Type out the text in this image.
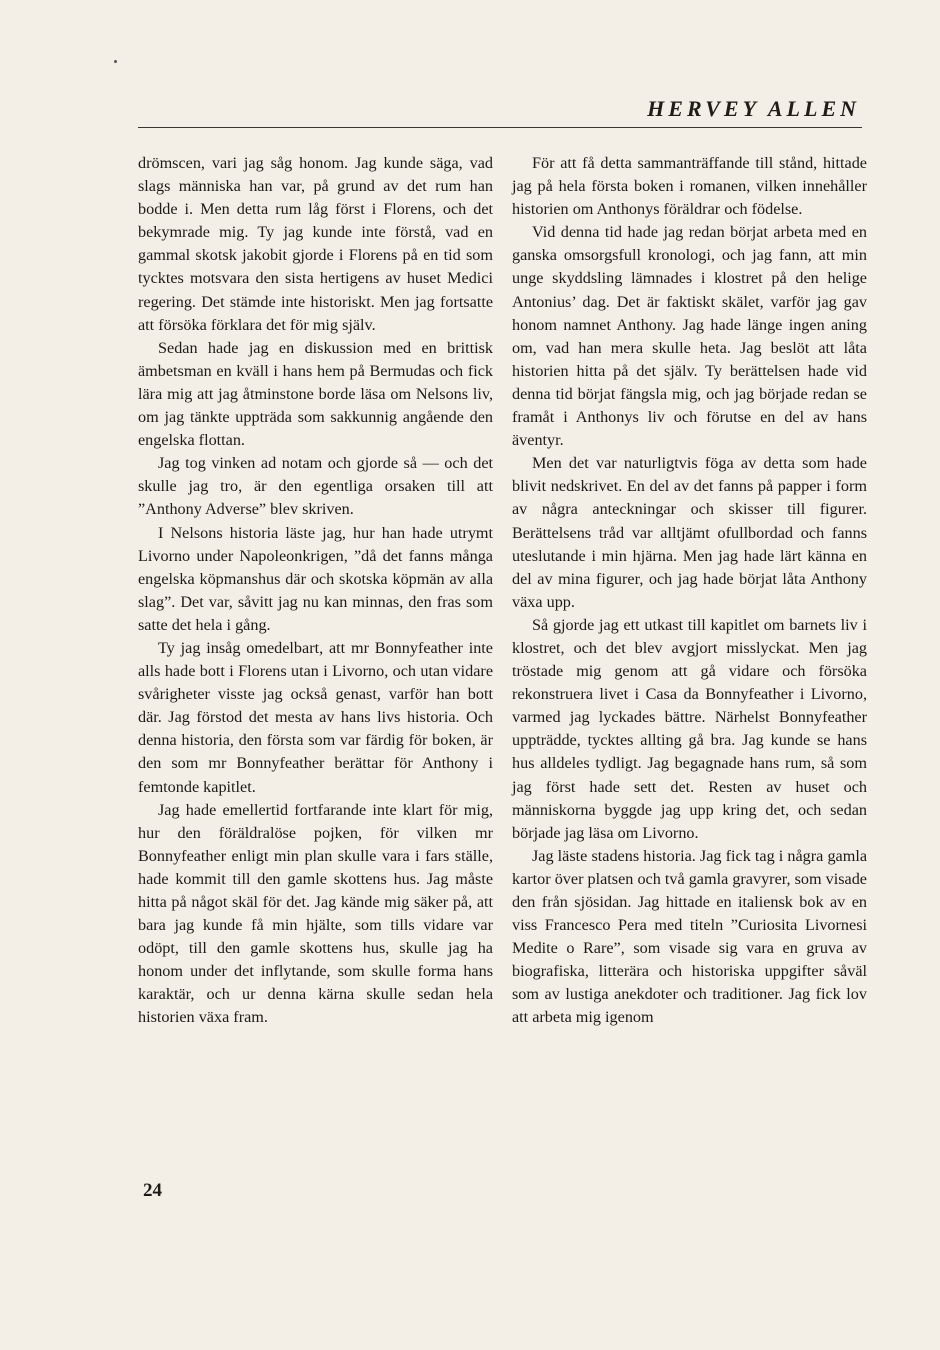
HERVEY ALLEN

drömscen, vari jag såg honom. Jag kunde säga, vad slags människa han var, på grund av det rum han bodde i. Men detta rum låg först i Florens, och det bekymrade mig. Ty jag kunde inte förstå, vad en gammal skotsk jakobit gjorde i Florens på en tid som tycktes motsvara den sista hertigens av huset Medici regering. Det stämde inte historiskt. Men jag fortsatte att försöka förklara det för mig själv.

Sedan hade jag en diskussion med en brittisk ämbetsman en kväll i hans hem på Bermudas och fick lära mig att jag åtminstone borde läsa om Nelsons liv, om jag tänkte uppträda som sakkunnig angående den engelska flottan.

Jag tog vinken ad notam och gjorde så — och det skulle jag tro, är den egentliga orsaken till att ”Anthony Adverse” blev skriven.

I Nelsons historia läste jag, hur han hade utrymt Livorno under Napoleonkrigen, ”då det fanns många engelska köpmanshus där och skotska köpmän av alla slag”. Det var, såvitt jag nu kan minnas, den fras som satte det hela i gång.

Ty jag insåg omedelbart, att mr Bonnyfeather inte alls hade bott i Florens utan i Livorno, och utan vidare svårigheter visste jag också genast, varför han bott där. Jag förstod det mesta av hans livs historia. Och denna historia, den första som var färdig för boken, är den som mr Bonnyfeather berättar för Anthony i femtonde kapitlet.

Jag hade emellertid fortfarande inte klart för mig, hur den föräldralöse pojken, för vilken mr Bonnyfeather enligt min plan skulle vara i fars ställe, hade kommit till den gamle skottens hus. Jag måste hitta på något skäl för det. Jag kände mig säker på, att bara jag kunde få min hjälte, som tills vidare var odöpt, till den gamle skottens hus, skulle jag ha honom under det inflytande, som skulle forma hans karaktär, och ur denna kärna skulle sedan hela historien växa fram.

För att få detta sammanträffande till stånd, hittade jag på hela första boken i romanen, vilken innehåller historien om Anthonys föräldrar och födelse.

Vid denna tid hade jag redan börjat arbeta med en ganska omsorgsfull kronologi, och jag fann, att min unge skyddsling lämnades i klostret på den helige Antonius’ dag. Det är faktiskt skälet, varför jag gav honom namnet Anthony. Jag hade länge ingen aning om, vad han mera skulle heta. Jag beslöt att låta historien hitta på det själv. Ty berättelsen hade vid denna tid börjat fängsla mig, och jag började redan se framåt i Anthonys liv och förutse en del av hans äventyr.

Men det var naturligtvis föga av detta som hade blivit nedskrivet. En del av det fanns på papper i form av några anteckningar och skisser till figurer. Berättelsens tråd var alltjämt ofullbordad och fanns uteslutande i min hjärna. Men jag hade lärt känna en del av mina figurer, och jag hade börjat låta Anthony växa upp.

Så gjorde jag ett utkast till kapitlet om barnets liv i klostret, och det blev avgjort misslyckat. Men jag tröstade mig genom att gå vidare och försöka rekonstruera livet i Casa da Bonnyfeather i Livorno, varmed jag lyckades bättre. Närhelst Bonnyfeather uppträdde, tycktes allting gå bra. Jag kunde se hans hus alldeles tydligt. Jag begagnade hans rum, så som jag först hade sett det. Resten av huset och människorna byggde jag upp kring det, och sedan började jag läsa om Livorno.

Jag läste stadens historia. Jag fick tag i några gamla kartor över platsen och två gamla gravyrer, som visade den från sjösidan. Jag hittade en italiensk bok av en viss Francesco Pera med titeln ”Curiosita Livornesi Medite o Rare”, som visade sig vara en gruva av biografiska, litterära och historiska uppgifter såväl som av lustiga anekdoter och traditioner. Jag fick lov att arbeta mig igenom

24
